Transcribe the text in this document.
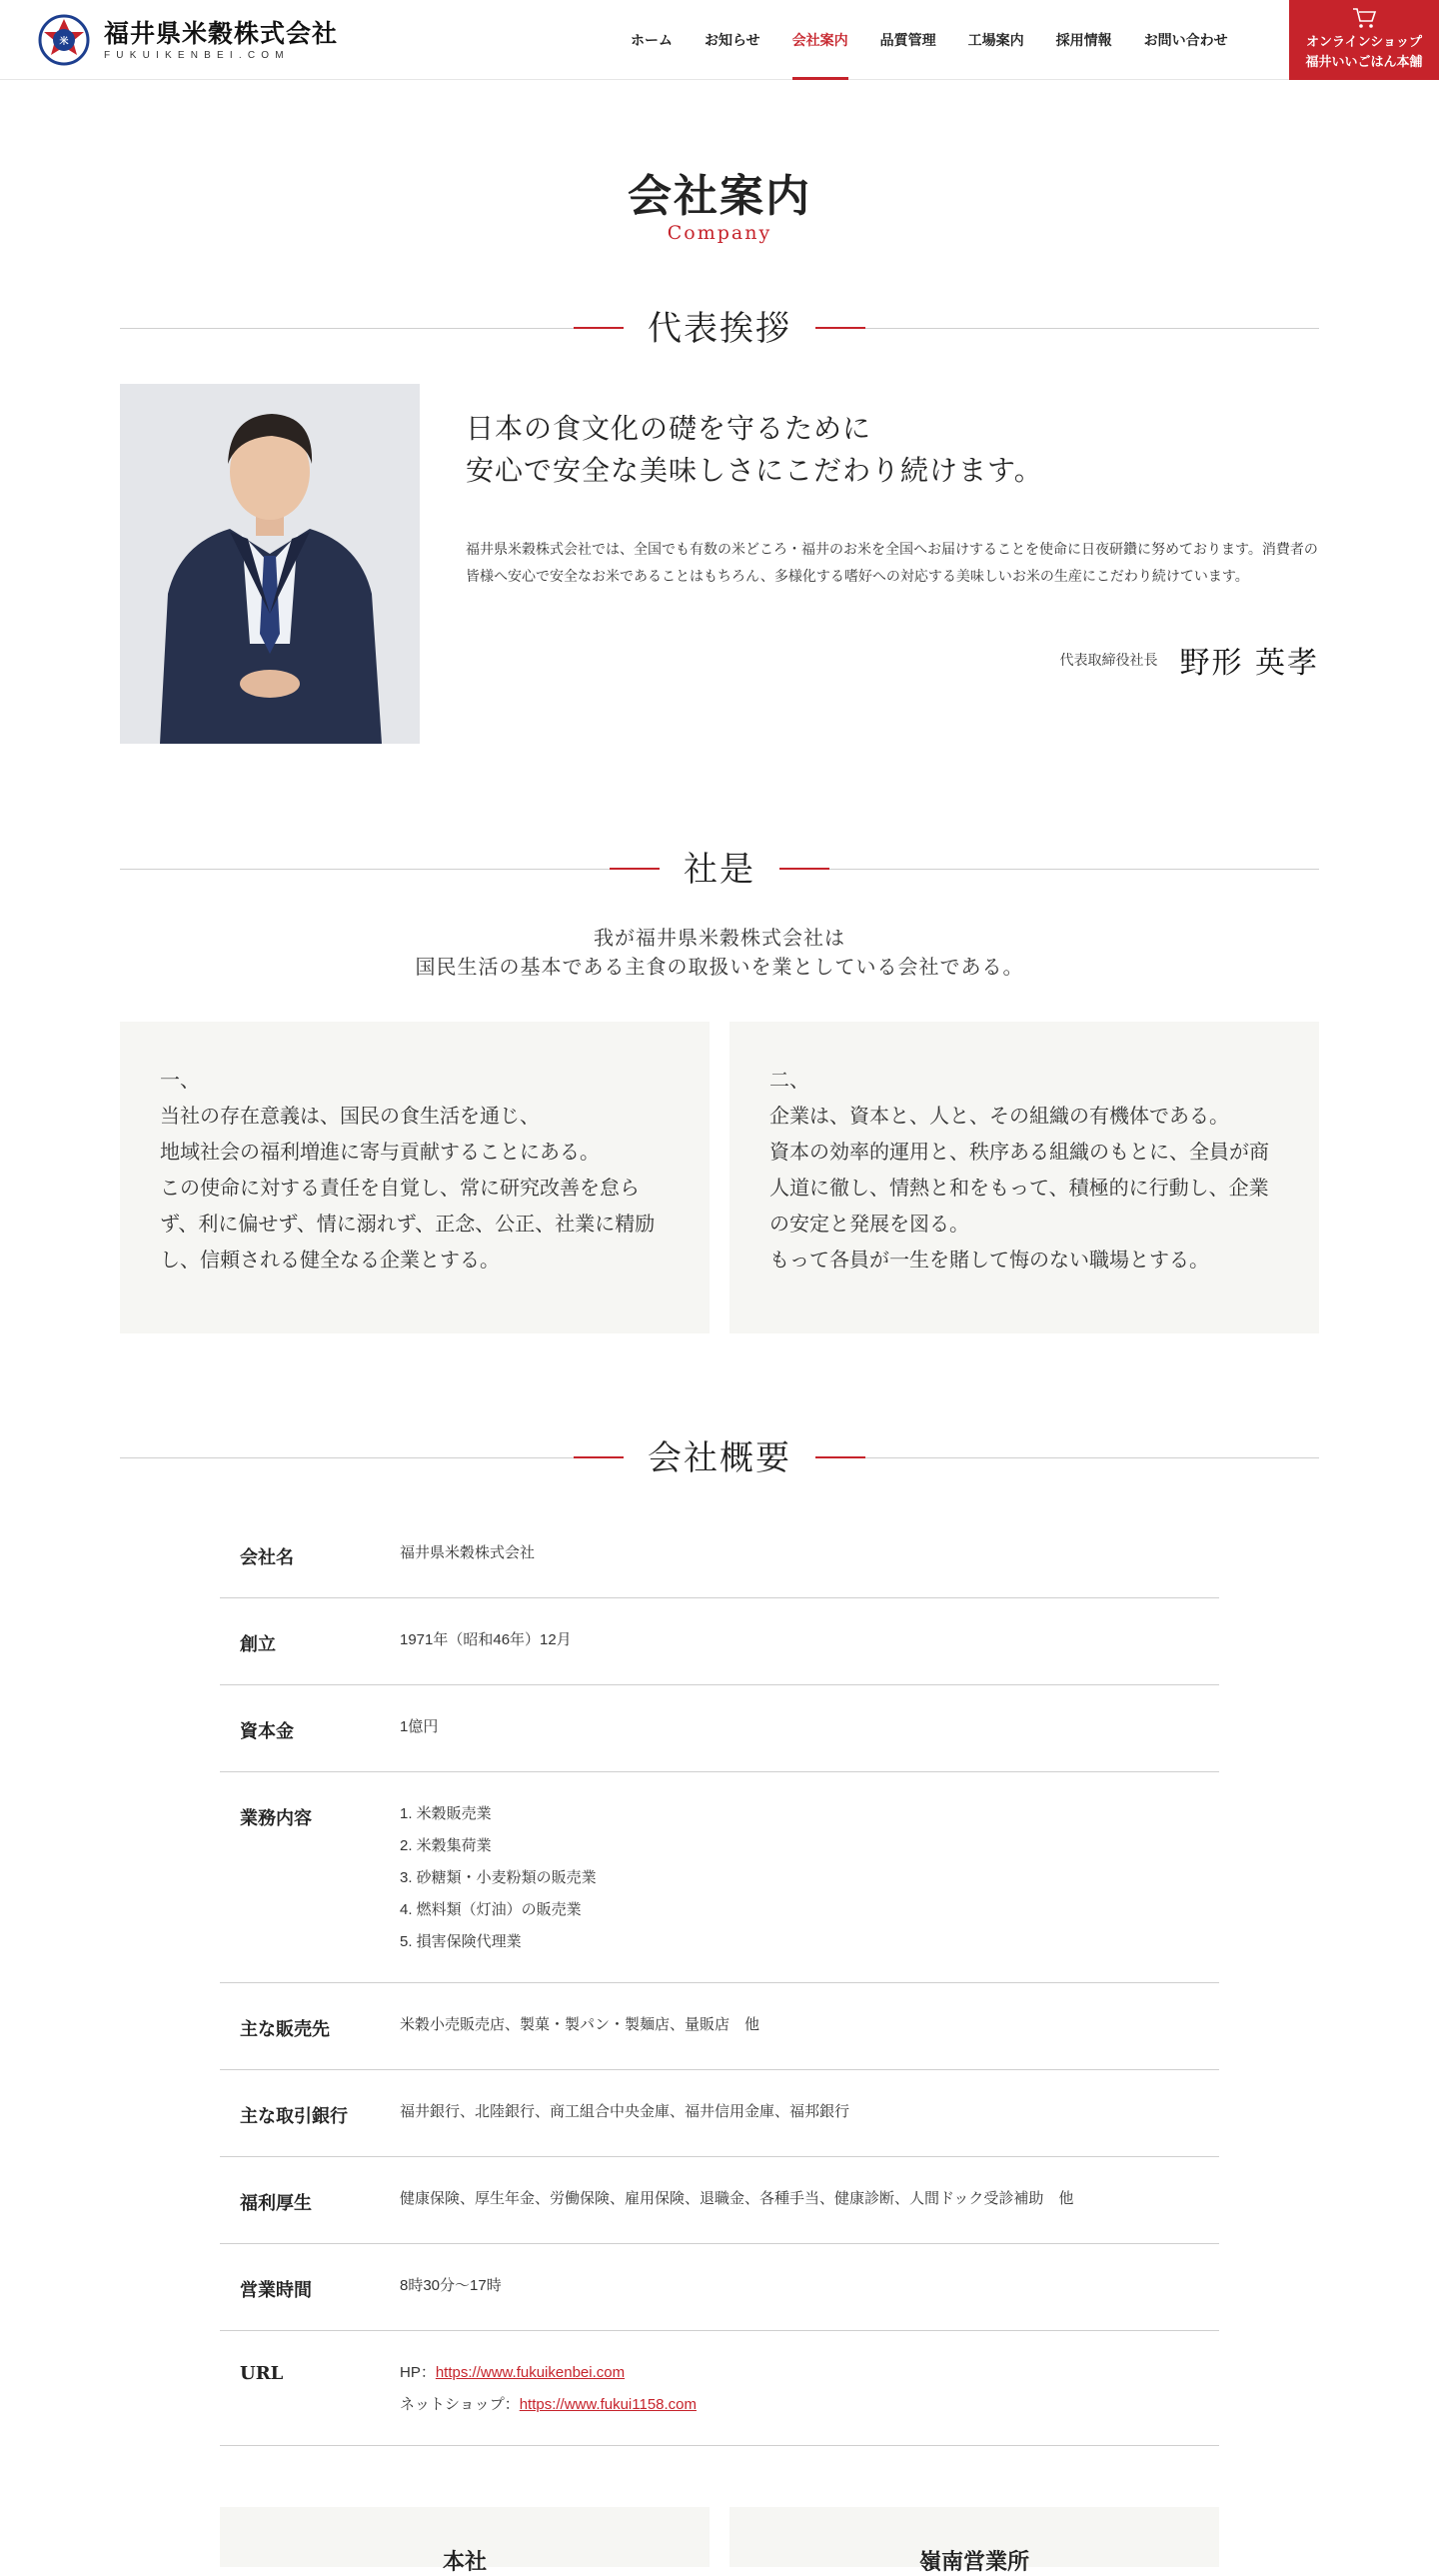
米 福井県米穀株式会社
FUKUIKENBEI.COM
ホーム	お知らせ	会社案内	品質管理	工場案内	採用情報	お問い合わせ	オンラインショップ
福井いいごはん本舗
会社案内
Company
代表挨拶
日本の食文化の礎を守るために
安心で安全な美味しさにこだわり続けます。

福井県米穀株式会社では、全国でも有数の米どころ・福井のお米を全国へお届けすることを使命に日夜研鑽に努めております。消費者の皆様へ安心で安全なお米であることはもちろん、多様化する嗜好への対応する美味しいお米の生産にこだわり続けています。

代表取締役社長 野形 英孝
社是
我が福井県米穀株式会社は
国民生活の基本である主食の取扱いを業としている会社である。
一、
当社の存在意義は、国民の食生活を通じ、
地域社会の福利増進に寄与貢献することにある。
この使命に対する責任を自覚し、常に研究改善を怠ら
ず、利に偏せず、情に溺れず、正念、公正、社業に精励
し、信頼される健全なる企業とする。
二、
企業は、資本と、人と、その組織の有機体である。
資本の効率的運用と、秩序ある組織のもとに、全員が商
人道に徹し、情熱と和をもって、積極的に行動し、企業
の安定と発展を図る。
もって各員が一生を賭して悔のない職場とする。
会社概要
会社名	福井県米穀株式会社
創立	1971年（昭和46年）12月
資本金	1億円
業務内容	1. 米穀販売業
2. 米穀集荷業
3. 砂糖類・小麦粉類の販売業
4. 燃料類（灯油）の販売業
5. 損害保険代理業
主な販売先	米穀小売販売店、製菓・製パン・製麺店、量販店　他
主な取引銀行	福井銀行、北陸銀行、商工組合中央金庫、福井信用金庫、福邦銀行
福利厚生	健康保険、厚生年金、労働保険、雇用保険、退職金、各種手当、健康診断、人間ドック受診補助　他
営業時間	8時30分～17時
URL	HP：https://www.fukuikenbei.com
ネットショップ：https://www.fukui1158.com
本社	嶺南営業所
